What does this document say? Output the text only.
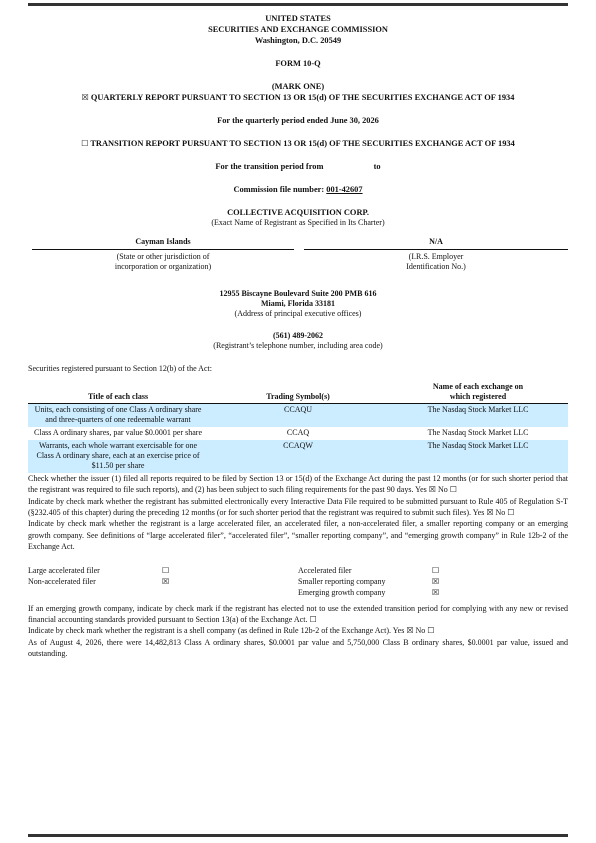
UNITED STATES
SECURITIES AND EXCHANGE COMMISSION
Washington, D.C. 20549
FORM 10-Q
(MARK ONE)
☒ QUARTERLY REPORT PURSUANT TO SECTION 13 OR 15(d) OF THE SECURITIES EXCHANGE ACT OF 1934
For the quarterly period ended June 30, 2026
☐ TRANSITION REPORT PURSUANT TO SECTION 13 OR 15(d) OF THE SECURITIES EXCHANGE ACT OF 1934
For the transition period from	to
Commission file number: 001-42607
COLLECTIVE ACQUISITION CORP.
(Exact Name of Registrant as Specified in Its Charter)
Cayman Islands
(State or other jurisdiction of
incorporation or organization)
N/A
(I.R.S. Employer
Identification No.)
12955 Biscayne Boulevard Suite 200 PMB 616
Miami, Florida 33181
(Address of principal executive offices)
(561) 489-2062
(Registrant’s telephone number, including area code)
Securities registered pursuant to Section 12(b) of the Act:
Title of each class	Trading Symbol(s)	Name of each exchange on
which registered

Units, each consisting of one Class A ordinary share and three-quarters of one redeemable warrant	CCAQU	The Nasdaq Stock Market LLC
Class A ordinary shares, par value $0.0001 per share	CCAQ	The Nasdaq Stock Market LLC
Warrants, each whole warrant exercisable for one Class A ordinary share, each at an exercise price of $11.50 per share	CCAQW	The Nasdaq Stock Market LLC

Check whether the issuer (1) filed all reports required to be filed by Section 13 or 15(d) of the Exchange Act during the past 12 months (or for such shorter period that the registrant was required to file such reports), and (2) has been subject to such filing requirements for the past 90 days. Yes ☒ No ☐

Indicate by check mark whether the registrant has submitted electronically every Interactive Data File required to be submitted pursuant to Rule 405 of Regulation S-T (§232.405 of this chapter) during the preceding 12 months (or for such shorter period that the registrant was required to submit such files). Yes ☒ No ☐

Indicate by check mark whether the registrant is a large accelerated filer, an accelerated filer, a non-accelerated filer, a smaller reporting company or an emerging growth company. See definitions of “large accelerated filer”, “accelerated filer”, “smaller reporting company”, and “emerging growth company” in Rule 12b-2 of the Exchange Act.

Large accelerated filer	☐
Non-accelerated filer	☒
Accelerated filer	☐
Smaller reporting company	☒
Emerging growth company	☒

If an emerging growth company, indicate by check mark if the registrant has elected not to use the extended transition period for complying with any new or revised financial accounting standards provided pursuant to Section 13(a) of the Exchange Act. ☐

Indicate by check mark whether the registrant is a shell company (as defined in Rule 12b-2 of the Exchange Act). Yes ☒ No ☐

As of August 4, 2026, there were 14,482,813 Class A ordinary shares, $0.0001 par value and 5,750,000 Class B ordinary shares, $0.0001 par value, issued and outstanding.
